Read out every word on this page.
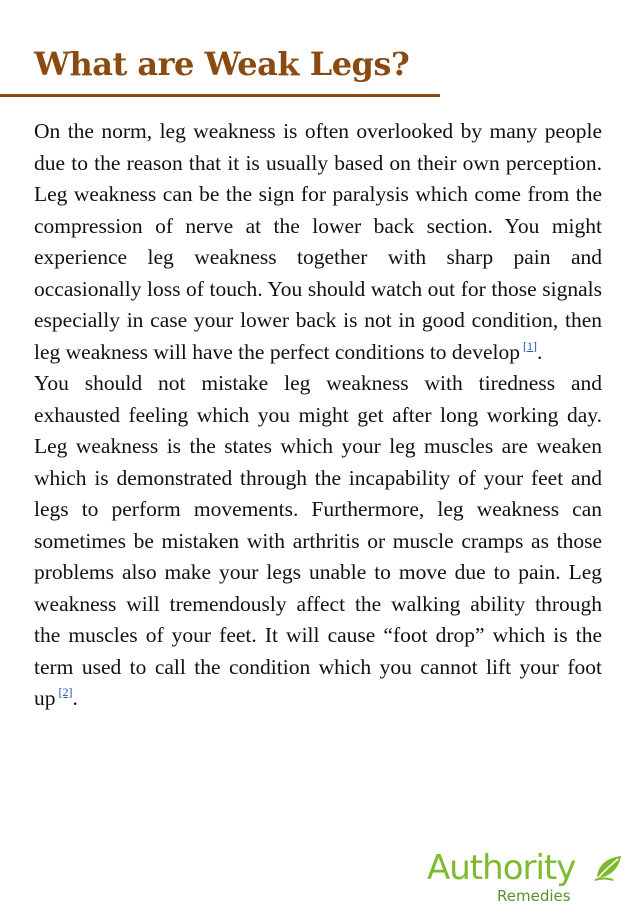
What are Weak Legs?

On the norm, leg weakness is often overlooked by many people due to the reason that it is usually based on their own perception. Leg weakness can be the sign for paralysis which come from the compression of nerve at the lower back section. You might experience leg weakness together with sharp pain and occasionally loss of touch. You should watch out for those signals especially in case your lower back is not in good condition, then leg weakness will have the perfect conditions to develop [1].

You should not mistake leg weakness with tiredness and exhausted feeling which you might get after long working day. Leg weakness is the states which your leg muscles are weaken which is demonstrated through the incapability of your feet and legs to perform movements. Furthermore, leg weakness can sometimes be mistaken with arthritis or muscle cramps as those problems also make your legs unable to move due to pain. Leg weakness will tremendously affect the walking ability through the muscles of your feet. It will cause “foot drop” which is the term used to call the condition which you cannot lift your foot up [2].

Authority
Remedies
